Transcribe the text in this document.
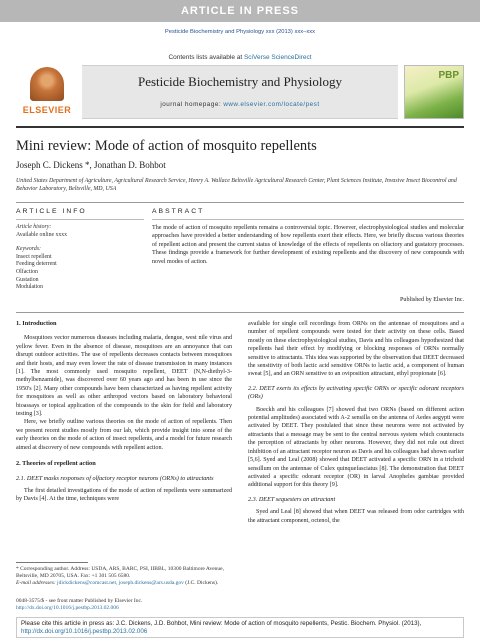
ARTICLE IN PRESS
Pesticide Biochemistry and Physiology xxx (2013) xxx–xxx
Contents lists available at SciVerse ScienceDirect
ELSEVIER
Pesticide Biochemistry and Physiology
journal homepage: www.elsevier.com/locate/pest
PBP
Mini review: Mode of action of mosquito repellents
Joseph C. Dickens *, Jonathan D. Bohbot
United States Department of Agriculture, Agricultural Research Service, Henry A. Wallace Beltsville Agricultural Research Center, Plant Sciences Institute, Invasive Insect Biocontrol and Behavior Laboratory, Beltsville, MD, USA
ARTICLE INFO	ABSTRACT
Article history:
Available online xxxx
Keywords:
Insect repellent
Feeding deterrent
Olfaction
Gustation
Modulation
The mode of action of mosquito repellents remains a controversial topic. However, electrophysiological studies and molecular approaches have provided a better understanding of how repellents exert their effects. Here, we briefly discuss various theories of repellent action and present the current status of knowledge of the effects of repellents on olfactory and gustatory processes. These findings provide a framework for further development of existing repellents and the discovery of new compounds with novel modes of action.
Published by Elsevier Inc.
1. Introduction
Mosquitoes vector numerous diseases including malaria, dengue, west nile virus and yellow fever. Even in the absence of disease, mosquitoes are an annoyance that can disrupt outdoor activities. The use of repellents decreases contacts between mosquitoes and their hosts, and may even lower the rate of disease transmission in many instances [1]. The most commonly used mosquito repellent, DEET (N,N-diethyl-3-methylbenzamide), was discovered over 60 years ago and has been in use since the 1950's [2]. Many other compounds have been characterized as having repellent activity for mosquitoes as well as other arthropod vectors based on laboratory behavioral bioassays or topical application of the compounds to the skin for field and laboratory testing [3].
Here, we briefly outline various theories on the mode of action of repellents. Then we present recent studies mostly from our lab, which provide insight into some of the early theories on the mode of action of insect repellents, and a model for future research aimed at discovery of new compounds with repellent action.
2. Theories of repellent action
2.1. DEET masks responses of olfactory receptor neurons (ORNs) to attractants
The first detailed investigations of the mode of action of repellents were summarized by Davis [4]. At the time, techniques were
available for single cell recordings from ORNs on the antennae of mosquitoes and a number of repellent compounds were tested for their activity on these cells. Based mostly on these electrophysiological studies, Davis and his colleagues hypothesized that repellents had their effect by modifying or blocking responses of ORNs normally sensitive to attractants. This idea was supported by the observation that DEET decreased the sensitivity of both lactic acid sensitive ORNs to lactic acid, a component of human sweat [5], and an ORN sensitive to an oviposition attractant, ethyl propionate [6].
2.2. DEET exerts its effects by activating specific ORNs or specific odorant receptors (ORs)
Boeckh and his colleagues [7] showed that two ORNs (based on different action potential amplitudes) associated with A-2 sensilla on the antenna of Aedes aegypti were activated by DEET. They postulated that since these neurons were not activated by attractants that a message may be sent to the central nervous system which counteracts the perception of attractants by other neurons. However, they did not rule out direct inhibition of an attractant receptor neuron as Davis and his colleagues had shown earlier [5,6]. Syed and Leal (2008) showed that DEET activated a specific ORN in a trichoid sensillum on the antennae of Culex quinquefasciatus [8]. The demonstration that DEET activated a specific odorant receptor (OR) in larval Anopheles gambiae provided additional support for this theory [9].
2.3. DEET sequesters an attractant
Syed and Leal [8] showed that when DEET was released from odor cartridges with the attractant component, octenol, the
* Corresponding author. Address: USDA, ARS, BARC, PSI, IIBBL, 10300 Baltimore Avenue, Beltsville, MD 20705, USA. Fax: +1 301 505 6580.
E-mail addresses: jdickdickens@comcast.net, joseph.dickens@ars.usda.gov (J.C. Dickens).
0048-3575/$ - see front matter Published by Elsevier Inc.
http://dx.doi.org/10.1016/j.pestbp.2013.02.006
Please cite this article in press as: J.C. Dickens, J.D. Bohbot, Mini review: Mode of action of mosquito repellents, Pestic. Biochem. Physiol. (2013), http://dx.doi.org/10.1016/j.pestbp.2013.02.006
